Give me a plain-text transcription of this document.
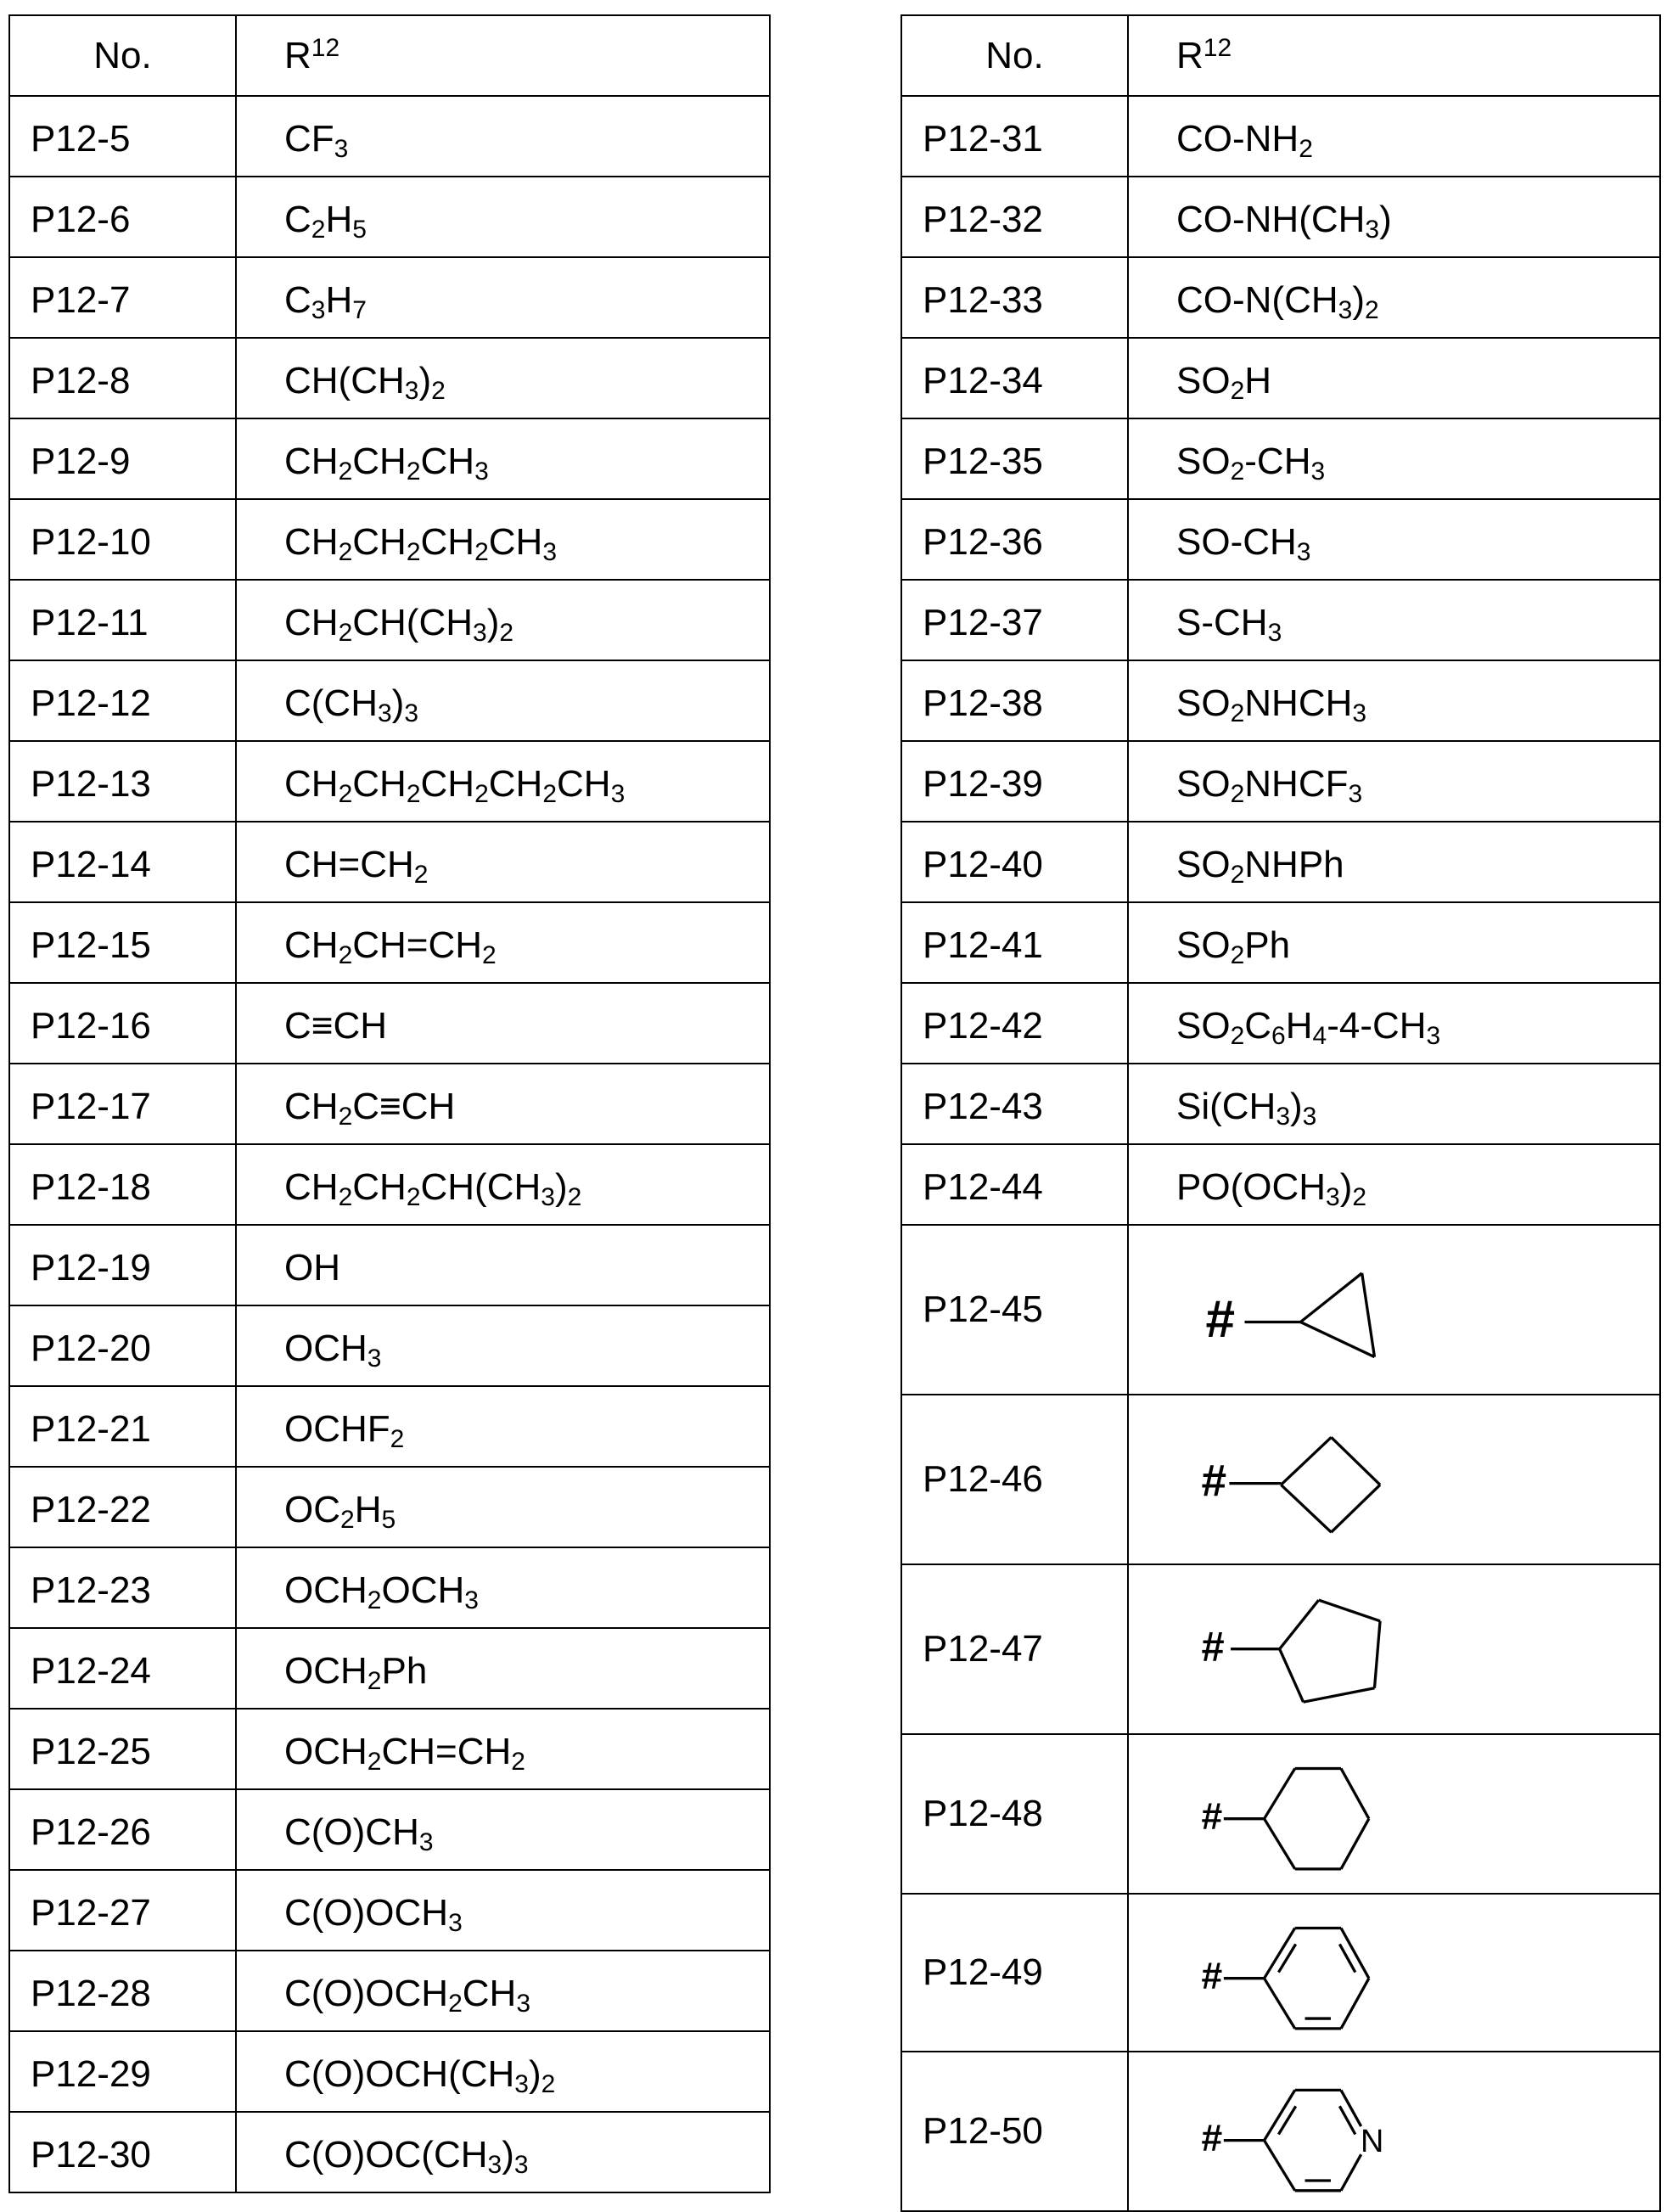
No.	R12
P12-5	CF3
P12-6	C2H5
P12-7	C3H7
P12-8	CH(CH3)2
P12-9	CH2CH2CH3
P12-10	CH2CH2CH2CH3
P12-11	CH2CH(CH3)2
P12-12	C(CH3)3
P12-13	CH2CH2CH2CH2CH3
P12-14	CH=CH2
P12-15	CH2CH=CH2
P12-16	C≡CH
P12-17	CH2C≡CH
P12-18	CH2CH2CH(CH3)2
P12-19	OH
P12-20	OCH3
P12-21	OCHF2
P12-22	OC2H5
P12-23	OCH2OCH3
P12-24	OCH2Ph
P12-25	OCH2CH=CH2
P12-26	C(O)CH3
P12-27	C(O)OCH3
P12-28	C(O)OCH2CH3
P12-29	C(O)OCH(CH3)2
P12-30	C(O)OC(CH3)3
No.	R12
P12-31	CO-NH2
P12-32	CO-NH(CH3)
P12-33	CO-N(CH3)2
P12-34	SO2H
P12-35	SO2-CH3
P12-36	SO-CH3
P12-37	S-CH3
P12-38	SO2NHCH3
P12-39	SO2NHCF3
P12-40	SO2NHPh
P12-41	SO2Ph
P12-42	SO2C6H4-4-CH3
P12-43	Si(CH3)3
P12-44	PO(OCH3)2
P12-45	#

P12-46	#

P12-47	#

P12-48	#

P12-49	#

P12-50	#	N
